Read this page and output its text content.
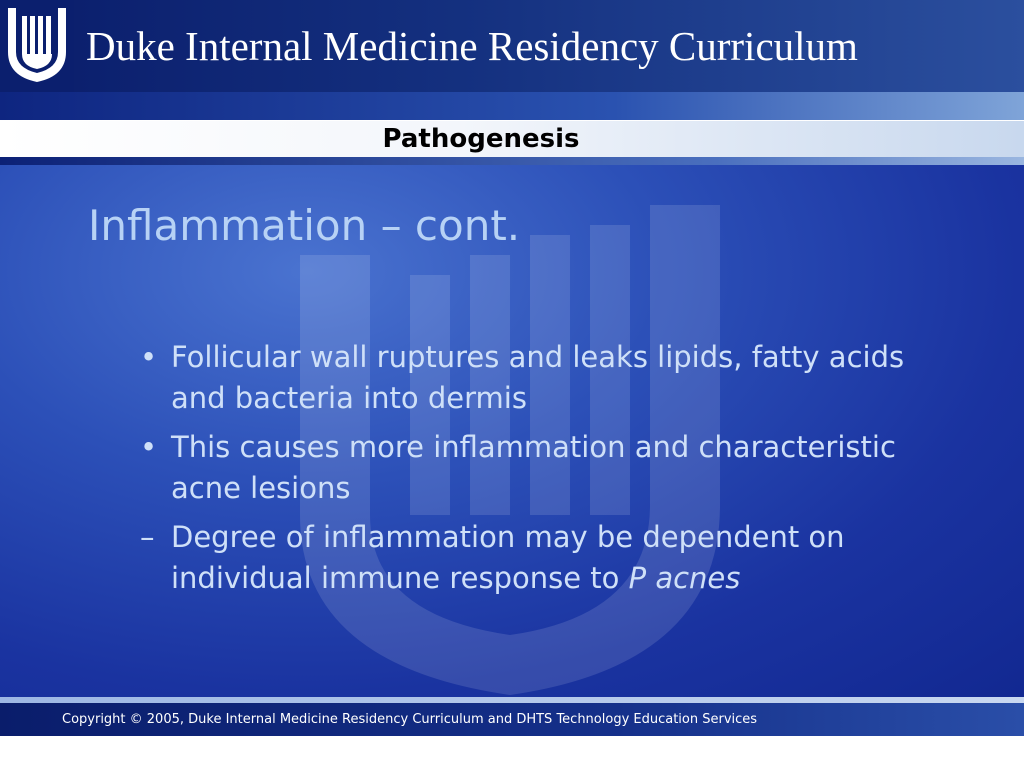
Duke Internal Medicine Residency Curriculum
Pathogenesis
Inflammation – cont.
• Follicular wall ruptures and leaks lipids, fatty acids and bacteria into dermis
• This causes more inflammation and characteristic acne lesions
– Degree of inflammation may be dependent on individual immune response to P acnes
Copyright © 2005, Duke Internal Medicine Residency Curriculum and DHTS Technology Education Services
